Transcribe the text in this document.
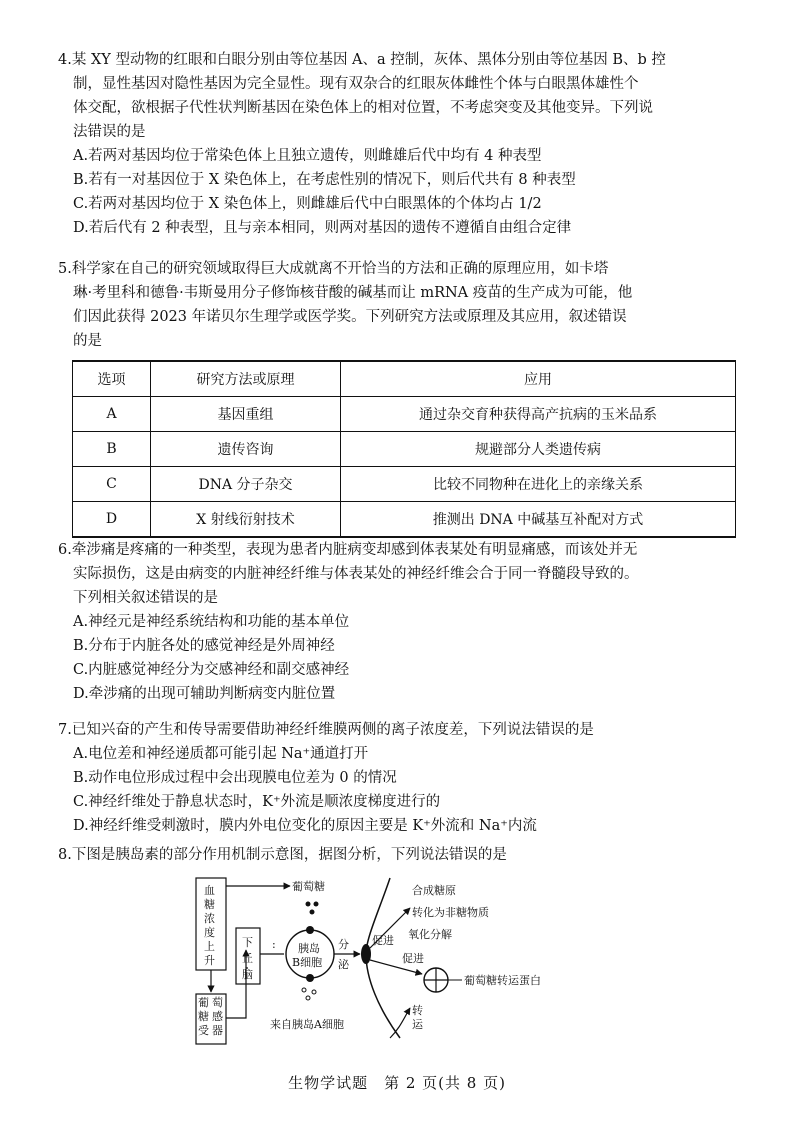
4.某 XY 型动物的红眼和白眼分别由等位基因 A、a 控制，灰体、黑体分别由等位基因 B、b 控

制，显性基因对隐性基因为完全显性。现有双杂合的红眼灰体雌性个体与白眼黑体雄性个

体交配，欲根据子代性状判断基因在染色体上的相对位置，不考虑突变及其他变异。下列说

法错误的是

A.若两对基因均位于常染色体上且独立遗传，则雌雄后代中均有 4 种表型

B.若有一对基因位于 X 染色体上，在考虑性别的情况下，则后代共有 8 种表型

C.若两对基因均位于 X 染色体上，则雌雄后代中白眼黑体的个体均占 1/2

D.若后代有 2 种表型，且与亲本相同，则两对基因的遗传不遵循自由组合定律

5.科学家在自己的研究领域取得巨大成就离不开恰当的方法和正确的原理应用，如卡塔

琳·考里科和德鲁·韦斯曼用分子修饰核苷酸的碱基而让 mRNA 疫苗的生产成为可能，他

们因此获得 2023 年诺贝尔生理学或医学奖。下列研究方法或原理及其应用，叙述错误

的是

选项	研究方法或原理	应用
A	基因重组	通过杂交育种获得高产抗病的玉米品系
B	遗传咨询	规避部分人类遗传病
C	DNA 分子杂交	比较不同物种在进化上的亲缘关系
D	X 射线衍射技术	推测出 DNA 中碱基互补配对方式

6.牵涉痛是疼痛的一种类型，表现为患者内脏病变却感到体表某处有明显痛感，而该处并无

实际损伤，这是由病变的内脏神经纤维与体表某处的神经纤维会合于同一脊髓段导致的。

下列相关叙述错误的是

A.神经元是神经系统结构和功能的基本单位

B.分布于内脏各处的感觉神经是外周神经

C.内脏感觉神经分为交感神经和副交感神经

D.牵涉痛的出现可辅助判断病变内脏位置

7.已知兴奋的产生和传导需要借助神经纤维膜两侧的离子浓度差，下列说法错误的是

A.电位差和神经递质都可能引起 Na⁺通道打开

B.动作电位形成过程中会出现膜电位差为 0 的情况

C.神经纤维处于静息状态时，K⁺外流是顺浓度梯度进行的

D.神经纤维受刺激时，膜内外电位变化的原因主要是 K⁺外流和 Na⁺内流

8.下图是胰岛素的部分作用机制示意图，据图分析，下列说法错误的是

血
糖
浓
度
上
升
葡萄糖
葡 萄
糖 感
受 器
下
丘
脑
: 胰岛
B细胞
来自胰岛A细胞
分
泌
促进
促进
合成糖原
转化为非糖物质
氧化分解
葡萄糖转运蛋白
转
运
生物学试题　第 2 页(共 8 页)
